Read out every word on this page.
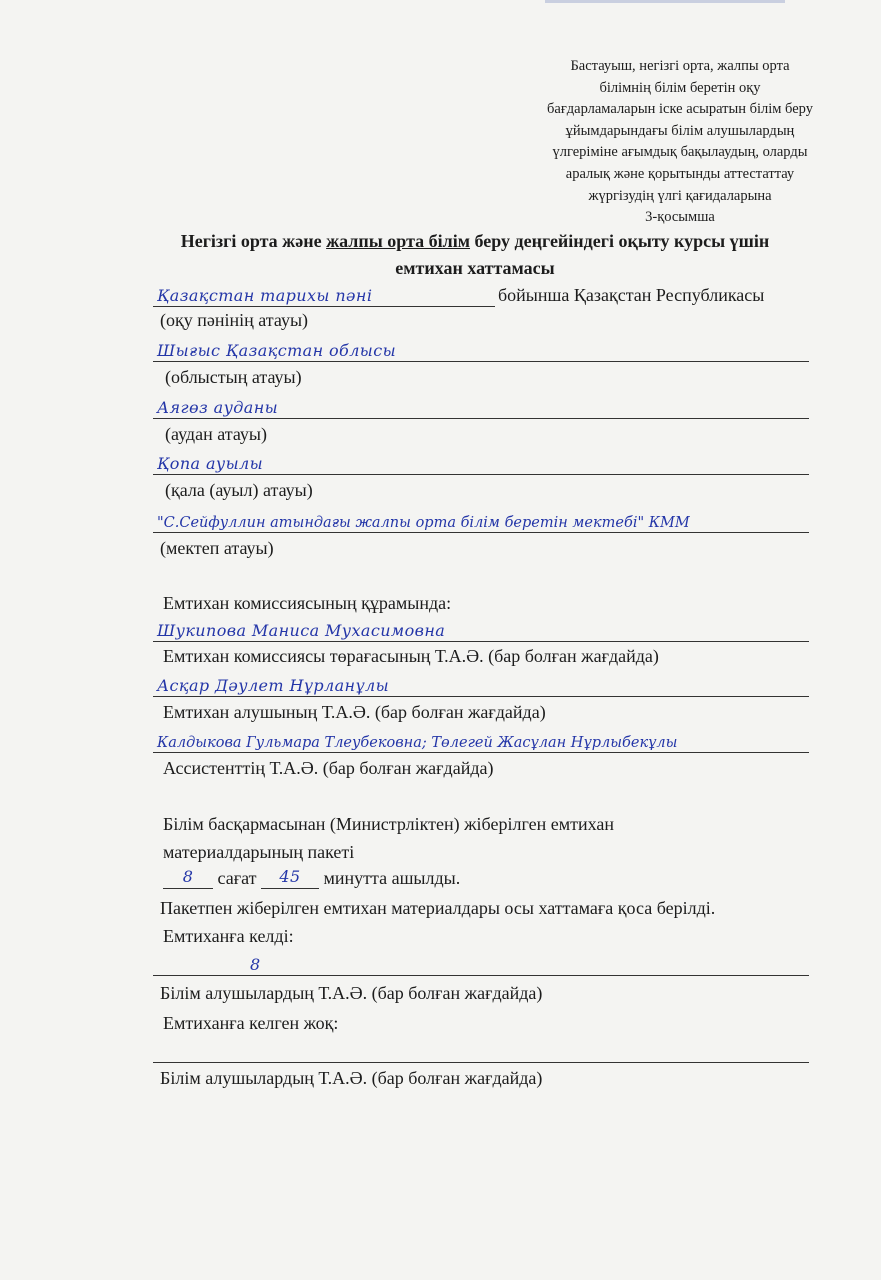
Бастауыш, негізгі орта, жалпы орта
білімнің білім беретін оқу
бағдарламаларын іске асыратын білім беру
ұйымдарындағы білім алушылардың
үлгеріміне ағымдық бақылаудың, оларды
аралық және қорытынды аттестаттау
жүргізудің үлгі қағидаларына
3-қосымша
Негізгі орта және жалпы орта білім беру деңгейіндегі оқыту курсы үшін
емтихан хаттамасы
Қазақстан тарихы пәні	бойынша Қазақстан Республикасы
(оқу пәнінің атауы)
Шығыс Қазақстан облысы
(облыстың атауы)
Аягөз ауданы
(аудан атауы)
Қопа ауылы
(қала (ауыл) атауы)
"С.Сейфуллин атындағы жалпы орта білім беретін мектебі" КММ
(мектеп атауы)
Емтихан комиссиясының құрамында:
Шукипова Маниса Мухасимовна
Емтихан комиссиясы төрағасының Т.А.Ә. (бар болған жағдайда)
Асқар Дәулет Нұрланұлы
Емтихан алушының Т.А.Ә. (бар болған жағдайда)
Калдыкова Гульмара Тлеубековна; Төлегей Жасұлан Нұрлыбекұлы
Ассистенттің Т.А.Ә. (бар болған жағдайда)
Білім басқармасынан (Министрліктен) жіберілген емтихан
материалдарының пакеті
8 сағат 45 минутта ашылды.
Пакетпен жіберілген емтихан материалдары осы хаттамаға қоса берілді.
Емтиханға келді:
8
Білім алушылардың Т.А.Ә. (бар болған жағдайда)
Емтиханға келген жоқ:
Білім алушылардың Т.А.Ә. (бар болған жағдайда)
